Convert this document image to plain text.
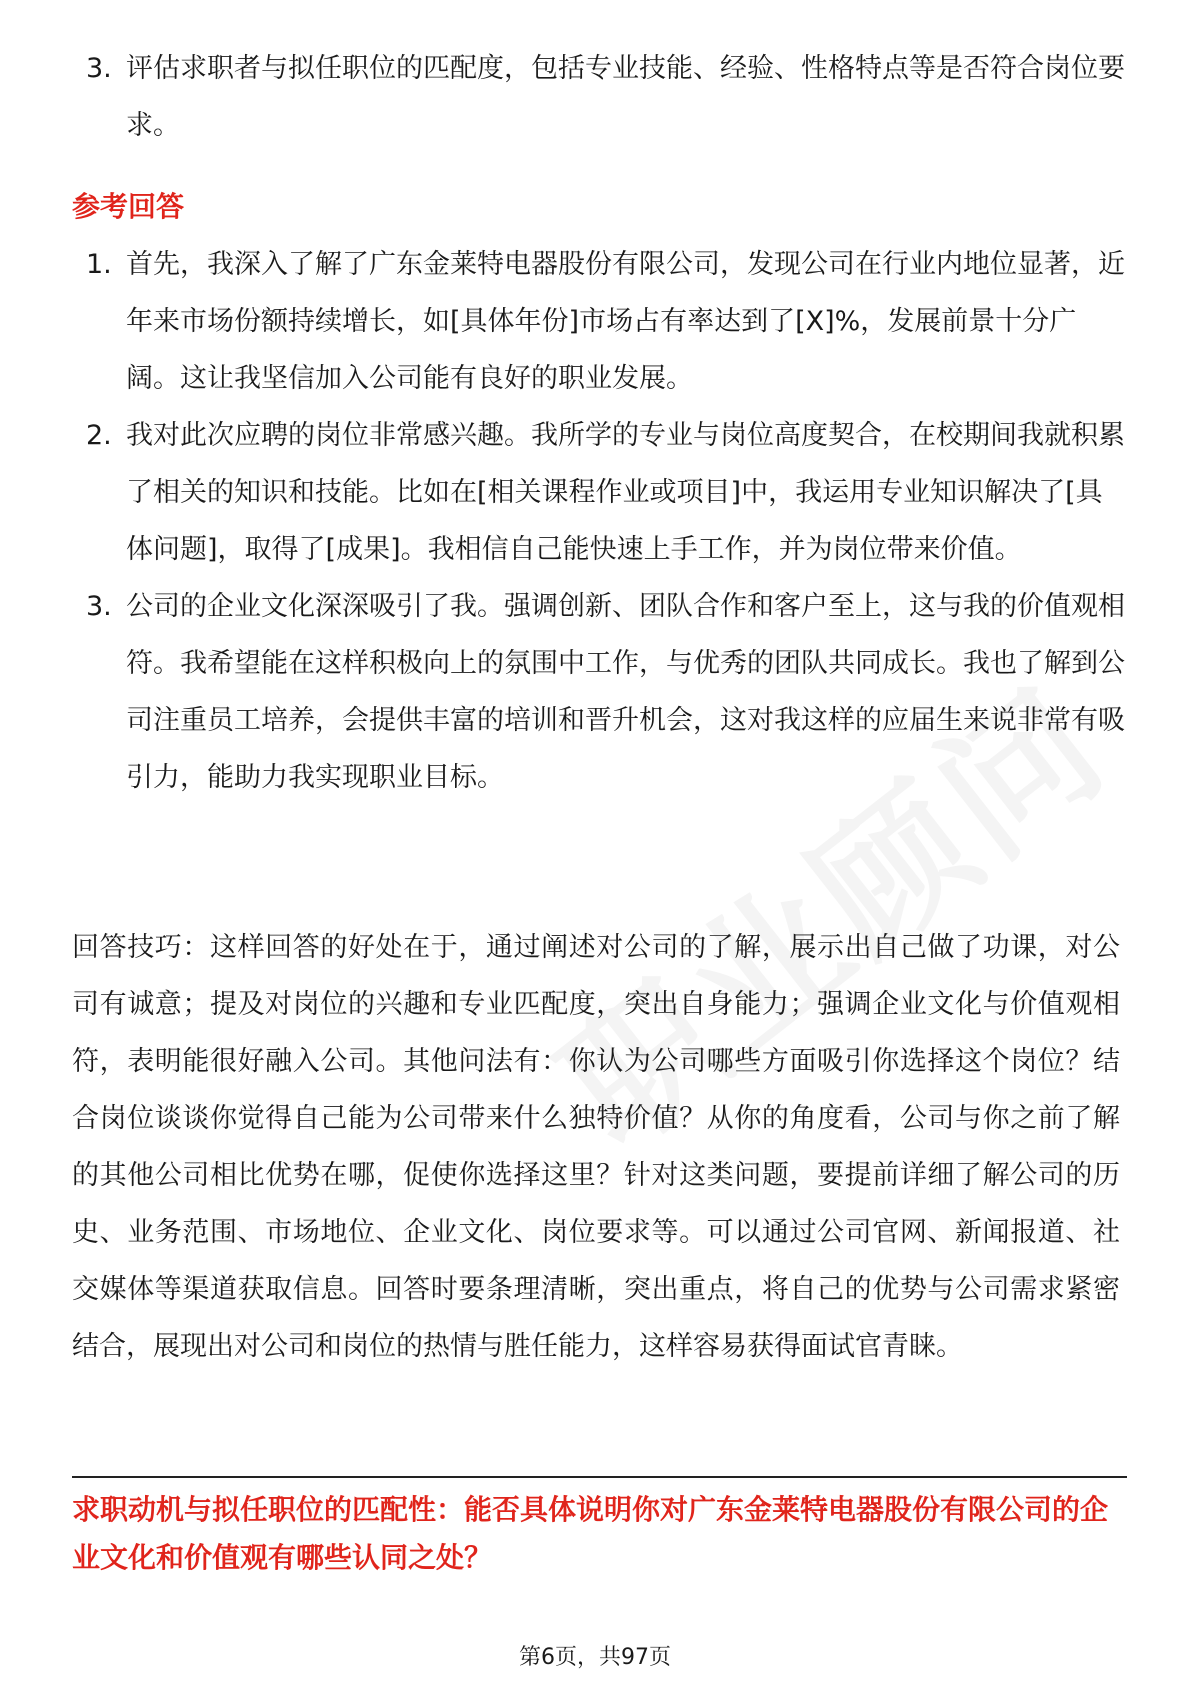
3. 评估求职者与拟任职位的匹配度，包括专业技能、经验、性格特点等是否符合岗位要求。
参考回答
1. 首先，我深入了解了广东金莱特电器股份有限公司，发现公司在行业内地位显著，近年来市场份额持续增长，如[具体年份]市场占有率达到了[X]%，发展前景十分广阔。这让我坚信加入公司能有良好的职业发展。
2. 我对此次应聘的岗位非常感兴趣。我所学的专业与岗位高度契合，在校期间我就积累了相关的知识和技能。比如在[相关课程作业或项目]中，我运用专业知识解决了[具体问题]，取得了[成果]。我相信自己能快速上手工作，并为岗位带来价值。
3. 公司的企业文化深深吸引了我。强调创新、团队合作和客户至上，这与我的价值观相符。我希望能在这样积极向上的氛围中工作，与优秀的团队共同成长。我也了解到公司注重员工培养，会提供丰富的培训和晋升机会，这对我这样的应届生来说非常有吸引力，能助力我实现职业目标。

回答技巧：这样回答的好处在于，通过阐述对公司的了解，展示出自己做了功课，对公司有诚意；提及对岗位的兴趣和专业匹配度，突出自身能力；强调企业文化与价值观相符，表明能很好融入公司。其他问法有：你认为公司哪些方面吸引你选择这个岗位？结合岗位谈谈你觉得自己能为公司带来什么独特价值？从你的角度看，公司与你之前了解的其他公司相比优势在哪，促使你选择这里？针对这类问题，要提前详细了解公司的历史、业务范围、市场地位、企业文化、岗位要求等。可以通过公司官网、新闻报道、社交媒体等渠道获取信息。回答时要条理清晰，突出重点，将自己的优势与公司需求紧密结合，展现出对公司和岗位的热情与胜任能力，这样容易获得面试官青睐。

求职动机与拟任职位的匹配性：能否具体说明你对广东金莱特电器股份有限公司的企业文化和价值观有哪些认同之处？
第6页，共97页
